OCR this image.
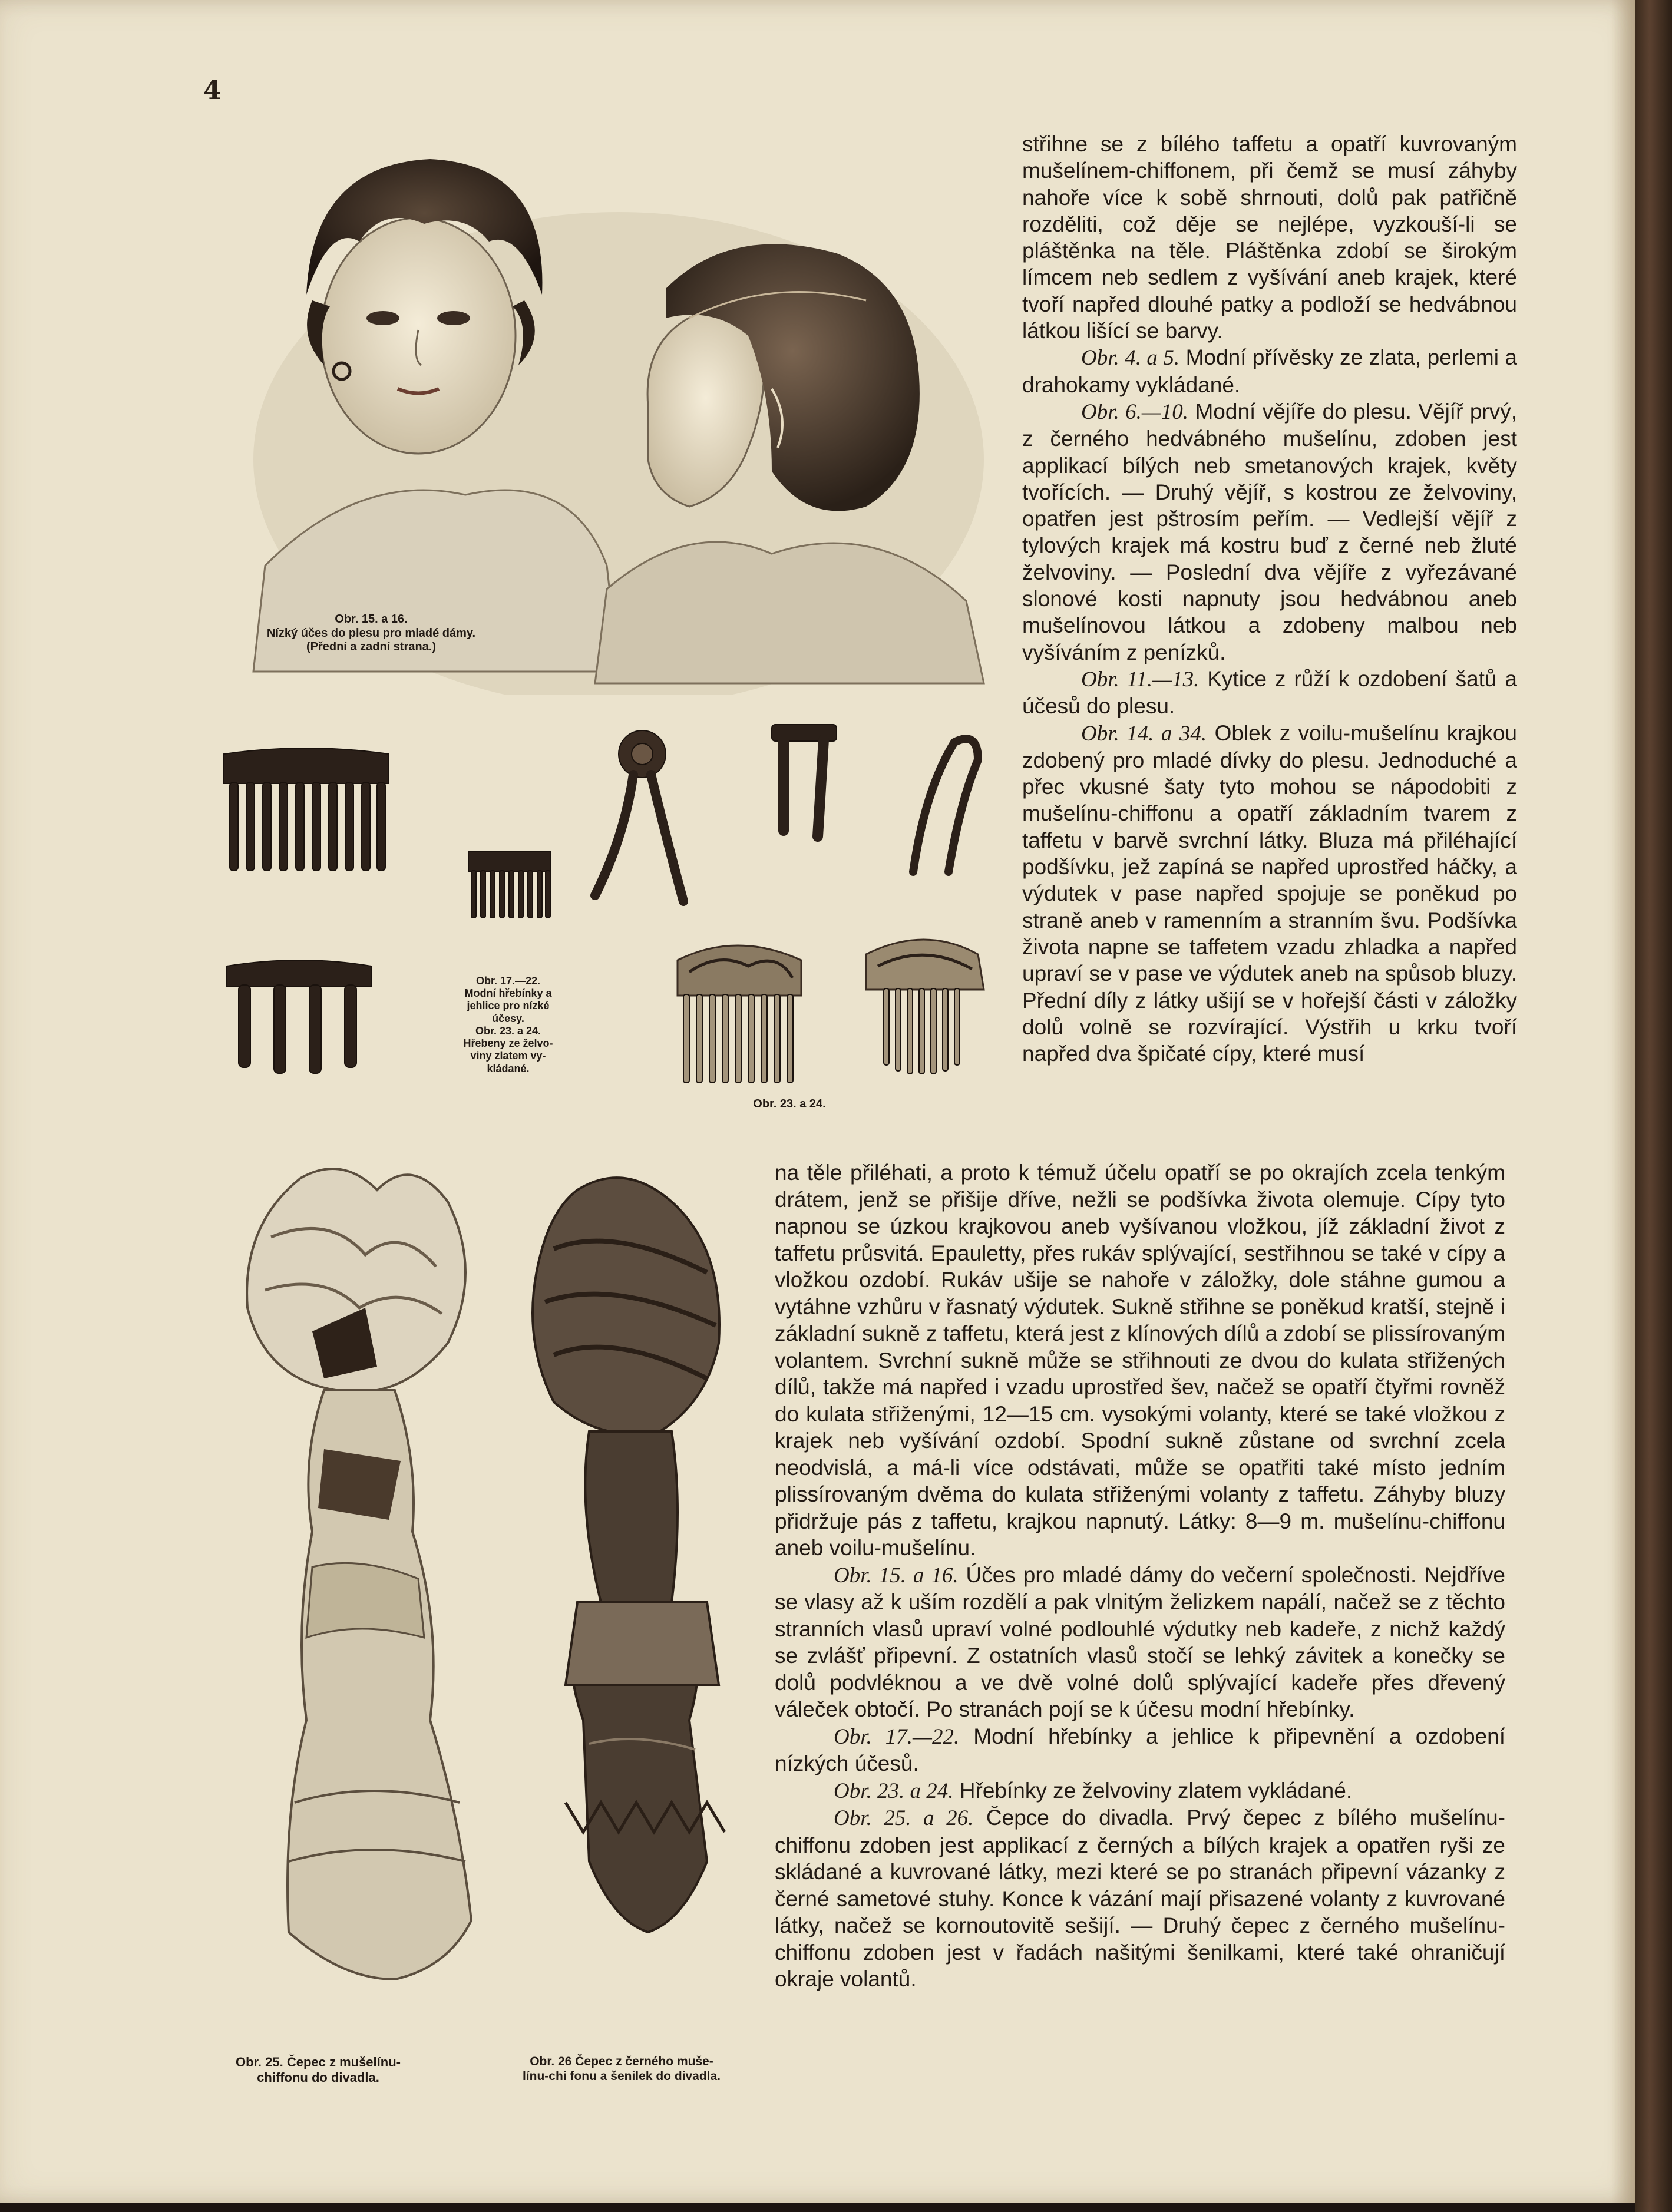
4
Obr. 15. a 16.
Nízký účes do plesu pro mladé dámy.
(Přední a zadní strana.)
Obr. 17.—22.
Modní hřebínky a
jehlice pro nízké
účesy.
Obr. 23. a 24.
Hřebeny ze želvo-
viny zlatem vy-
kládané.
Obr. 23. a 24.
Obr. 25. Čepec z mušelínu-
chiffonu do divadla.
Obr. 26 Čepec z černého muše-
línu-chi fonu a šenilek do divadla.

střihne se z bílého taffetu a opatří kuvrovaným mušelínem-chiffonem, při čemž se musí záhyby nahoře více k sobě shrnouti, dolů pak patřičně rozděliti, což děje se nejlépe, vyzkouší-li se pláštěnka na těle. Pláštěnka zdobí se širokým límcem neb sedlem z vyšívání aneb krajek, které tvoří napřed dlouhé patky a podloží se hedvábnou látkou lišící se barvy.

Obr. 4. a 5. Modní přívěsky ze zlata, perlemi a drahokamy vykládané.

Obr. 6.—10. Modní vějíře do plesu. Vějíř prvý, z černého hedvábného mušelínu, zdoben jest applikací bílých neb smetanových krajek, květy tvořících. — Druhý vějíř, s kostrou ze želvoviny, opatřen jest pštrosím peřím. — Vedlejší vějíř z tylových krajek má kostru buď z černé neb žluté želvoviny. — Poslední dva vějíře z vyřezávané slonové kosti napnuty jsou hedvábnou aneb mušelínovou látkou a zdobeny malbou neb vyšíváním z penízků.

Obr. 11.—13. Kytice z růží k ozdobení šatů a účesů do plesu.

Obr. 14. a 34. Oblek z voilu-mušelínu krajkou zdobený pro mladé dívky do plesu. Jednoduché a přec vkusné šaty tyto mohou se nápodobiti z mušelínu-chiffonu a opatří základním tvarem z taffetu v barvě svrchní látky. Bluza má přiléhající podšívku, jež zapíná se napřed uprostřed háčky, a výdutek v pase napřed spojuje se poněkud po straně aneb v ramenním a stranním švu. Podšívka života napne se taffetem vzadu zhladka a napřed upraví se v pase ve výdutek aneb na spůsob bluzy. Přední díly z látky ušijí se v hořejší části v záložky dolů volně se rozvírající. Výstřih u krku tvoří napřed dva špičaté cípy, které musí

na těle přiléhati, a proto k témuž účelu opatří se po okrajích zcela tenkým drátem, jenž se přišije dříve, nežli se podšívka života olemuje. Cípy tyto napnou se úzkou krajkovou aneb vyšívanou vložkou, jíž základní život z taffetu průsvitá. Epauletty, přes rukáv splývající, sestřihnou se také v cípy a vložkou ozdobí. Rukáv ušije se nahoře v záložky, dole stáhne gumou a vytáhne vzhůru v řasnatý výdutek. Sukně střihne se poněkud kratší, stejně i základní sukně z taffetu, která jest z klínových dílů a zdobí se plissírovaným volantem. Svrchní sukně může se střihnouti ze dvou do kulata střižených dílů, takže má napřed i vzadu uprostřed šev, načež se opatří čtyřmi rovněž do kulata střiženými, 12—15 cm. vysokými volanty, které se také vložkou z krajek neb vyšívání ozdobí. Spodní sukně zůstane od svrchní zcela neodvislá, a má-li více odstávati, může se opatřiti také místo jedním plissírovaným dvěma do kulata střiženými volanty z taffetu. Záhyby bluzy přidržuje pás z taffetu, krajkou napnutý. Látky: 8—9 m. mušelínu-chiffonu aneb voilu-mušelínu.

Obr. 15. a 16. Účes pro mladé dámy do večerní společnosti. Nejdříve se vlasy až k uším rozdělí a pak vlnitým želizkem napálí, načež se z těchto stranních vlasů upraví volné podlouhlé výdutky neb kadeře, z nichž každý se zvlášť připevní. Z ostatních vlasů stočí se lehký závitek a konečky se dolů podvléknou a ve dvě volné dolů splývající kadeře přes dřevený váleček obtočí. Po stranách pojí se k účesu modní hřebínky.

Obr. 17.—22. Modní hřebínky a jehlice k připevnění a ozdobení nízkých účesů.

Obr. 23. a 24. Hřebínky ze želvoviny zlatem vykládané.

Obr. 25. a 26. Čepce do divadla. Prvý čepec z bílého mušelínu-chiffonu zdoben jest applikací z černých a bílých krajek a opatřen ryši ze skládané a kuvrované látky, mezi které se po stranách připevní vázanky z černé sametové stuhy. Konce k vázání mají přisazené volanty z kuvrované látky, načež se kornoutovitě sešijí. — Druhý čepec z černého mušelínu-chiffonu zdoben jest v řadách našitými šenilkami, které také ohraničují okraje volantů.
